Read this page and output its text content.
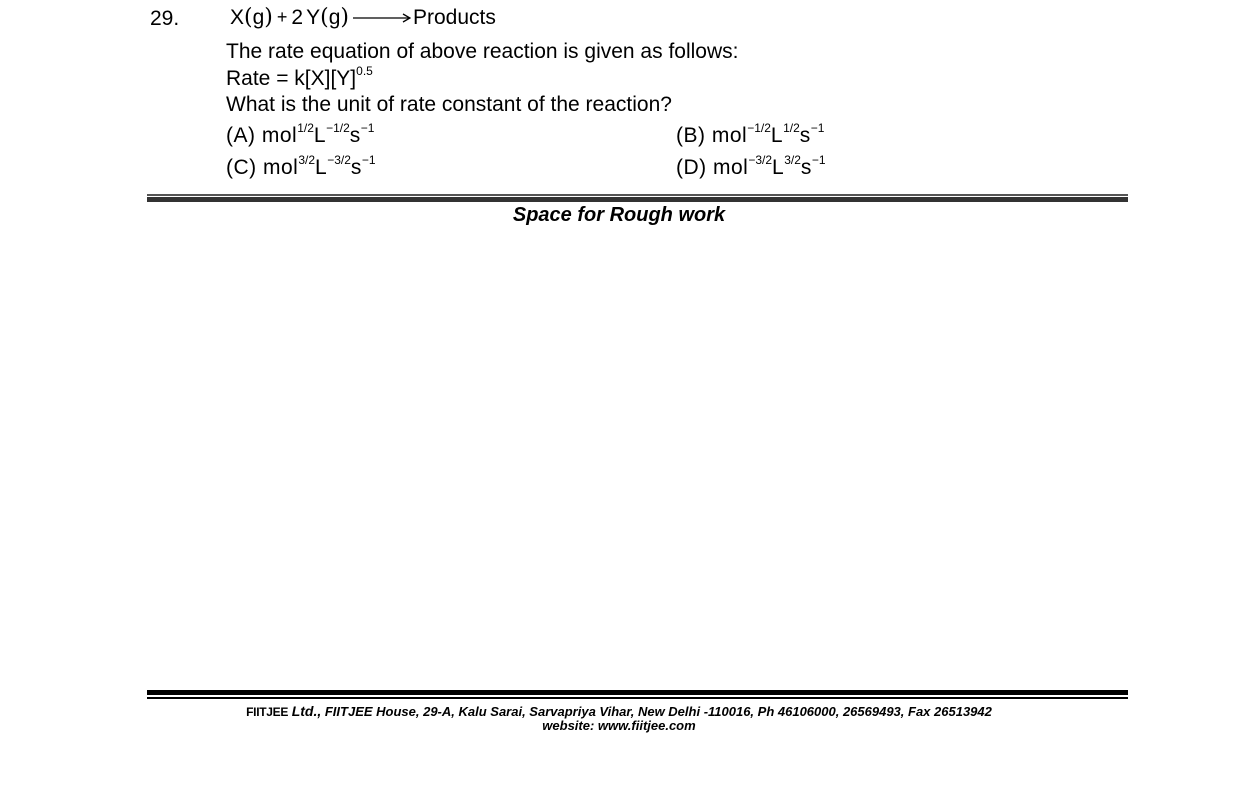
29. X ( g ) + 2 Y ( g ) → Products
The rate equation of above reaction is given as follows:
Rate = $k[X][Y]^{0.5}$
What is the unit of rate constant of the reaction?
(A) $mol^{1/2}L^{-1/2}s^{-1}$	(B) $mol^{-1/2}L^{1/2}s^{-1}$
(C) $mol^{3/2}L^{-3/2}s^{-1}$	(D) $mol^{-3/2}L^{3/2}s^{-1}$
Space for Rough work
FIITJEE Ltd., FIITJEE House, 29-A, Kalu Sarai, Sarvapriya Vihar, New Delhi -110016, Ph 46106000, 26569493, Fax 26513942
website: www.fiitjee.com
